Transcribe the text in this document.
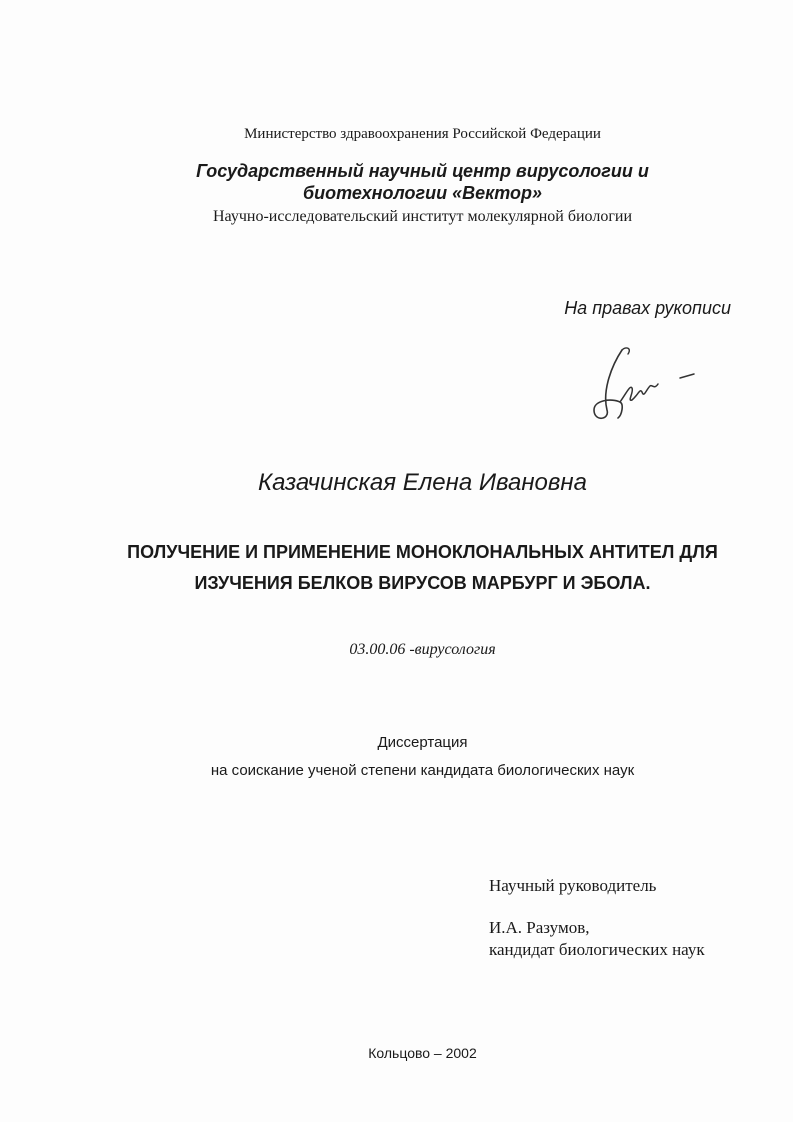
Министерство здравоохранения Российской Федерации
Государственный научный центр вирусологии и
биотехнологии «Вектор»
Научно-исследовательский институт молекулярной биологии
На правах рукописи
Казачинская Елена Ивановна
ПОЛУЧЕНИЕ И ПРИМЕНЕНИЕ МОНОКЛОНАЛЬНЫХ АНТИТЕЛ ДЛЯ
ИЗУЧЕНИЯ БЕЛКОВ ВИРУСОВ МАРБУРГ И ЭБОЛА.
03.00.06 -вирусология
Диссертация
на соискание ученой степени кандидата биологических наук
Научный руководитель
И.А. Разумов,
кандидат биологических наук
Кольцово – 2002
